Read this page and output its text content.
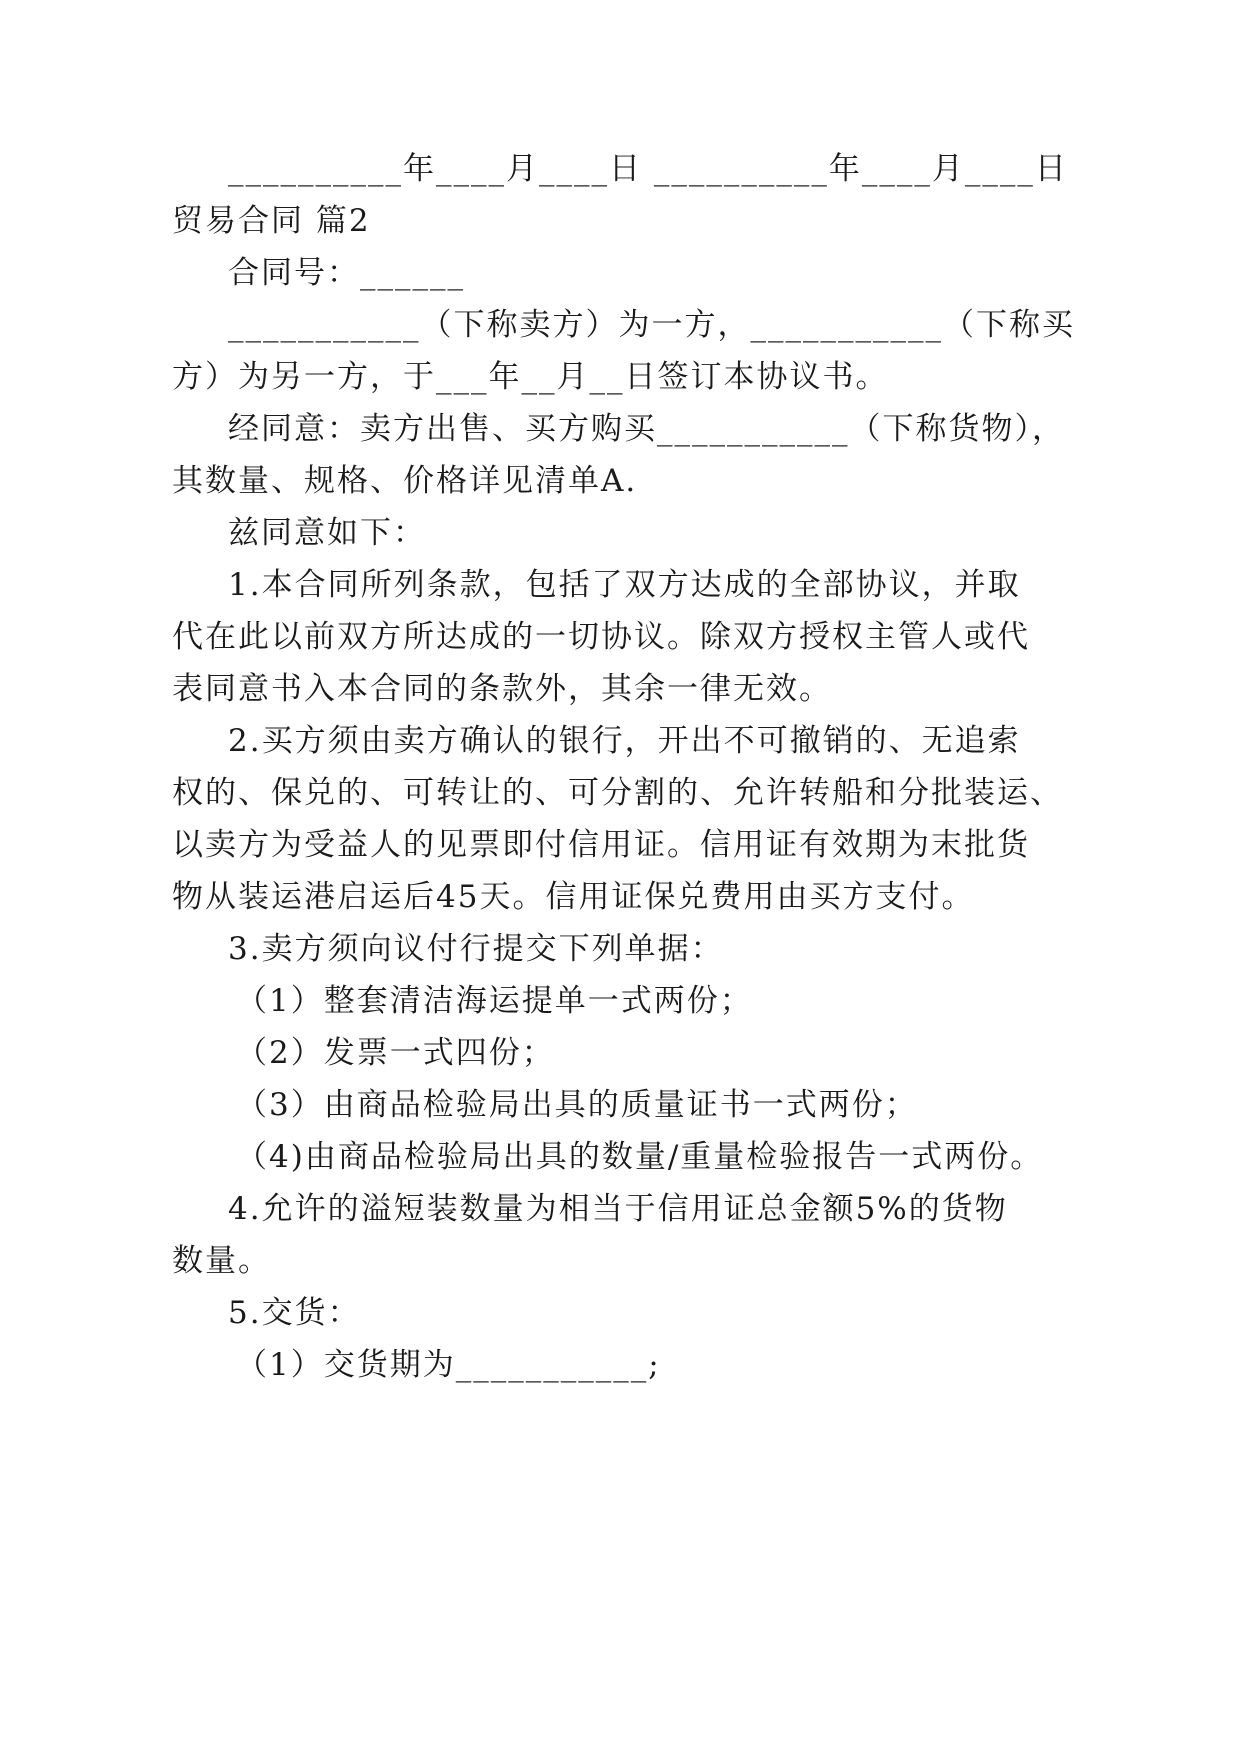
__________年____月____日 __________年____月____日
贸易合同 篇2
合同号：______
___________（下称卖方）为一方，___________（下称买
方）为另一方，于___年__月__日签订本协议书。
经同意：卖方出售、买方购买___________（下称货物），
其数量、规格、价格详见清单A.
兹同意如下：
1.本合同所列条款，包括了双方达成的全部协议，并取
代在此以前双方所达成的一切协议。除双方授权主管人或代
表同意书入本合同的条款外，其余一律无效。
2.买方须由卖方确认的银行，开出不可撤销的、无追索
权的、保兑的、可转让的、可分割的、允许转船和分批装运、
以卖方为受益人的见票即付信用证。信用证有效期为末批货
物从装运港启运后45天。信用证保兑费用由买方支付。
3.卖方须向议付行提交下列单据：
（1）整套清洁海运提单一式两份；
（2）发票一式四份；
（3）由商品检验局出具的质量证书一式两份；
（4)由商品检验局出具的数量/重量检验报告一式两份。
4.允许的溢短装数量为相当于信用证总金额5%的货物
数量。
5.交货：
（1）交货期为___________;
